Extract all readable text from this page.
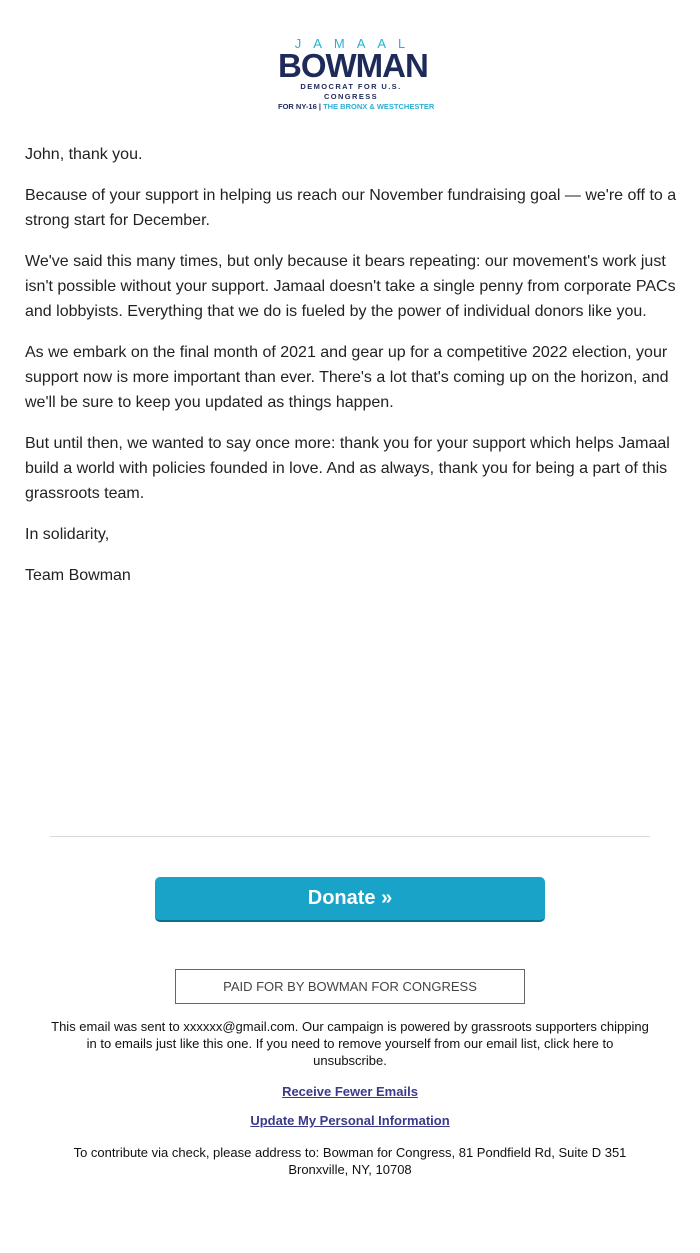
JAMAAL
BOWMAN
DEMOCRAT FOR U.S. CONGRESS
FOR NY-16 | THE BRONX & WESTCHESTER

John, thank you.

Because of your support in helping us reach our November fundraising goal — we're off to a strong start for December.

We've said this many times, but only because it bears repeating: our movement's work just isn't possible without your support. Jamaal doesn't take a single penny from corporate PACs and lobbyists. Everything that we do is fueled by the power of individual donors like you.

As we embark on the final month of 2021 and gear up for a competitive 2022 election, your support now is more important than ever. There's a lot that's coming up on the horizon, and we'll be sure to keep you updated as things happen.

But until then, we wanted to say once more: thank you for your support which helps Jamaal build a world with policies founded in love. And as always, thank you for being a part of this grassroots team.

In solidarity,

Team Bowman

Donate »
PAID FOR BY BOWMAN FOR CONGRESS
This email was sent to xxxxxx@gmail.com. Our campaign is powered by grassroots supporters chipping in to emails just like this one. If you need to remove yourself from our email list, click here to unsubscribe.
Receive Fewer Emails
Update My Personal Information
To contribute via check, please address to: Bowman for Congress, 81 Pondfield Rd, Suite D 351
Bronxville, NY, 10708
